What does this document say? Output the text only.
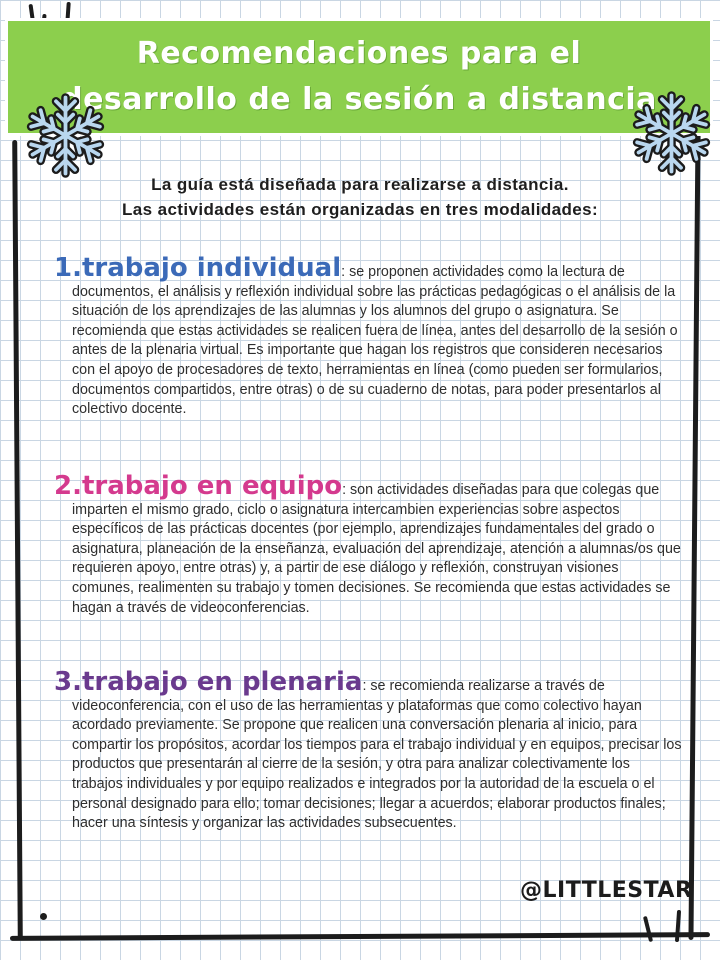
Recomendaciones para el desarrollo de la sesión a distancia
La guía está diseñada para realizarse a distancia.
Las actividades están organizadas en tres modalidades:

1.trabajo individual: se proponen actividades como la lectura de documentos, el análisis y reflexión individual sobre las prácticas pedagógicas o el análisis de la situación de los aprendizajes de las alumnas y los alumnos del grupo o asignatura. Se recomienda que estas actividades se realicen fuera de línea, antes del desarrollo de la sesión o antes de la plenaria virtual. Es importante que hagan los registros que consideren necesarios con el apoyo de procesadores de texto, herramientas en línea (como pueden ser formularios, documentos compartidos, entre otras) o de su cuaderno de notas, para poder presentarlos al colectivo docente.

2.trabajo en equipo: son actividades diseñadas para que colegas que imparten el mismo grado, ciclo o asignatura intercambien experiencias sobre aspectos específicos de las prácticas docentes (por ejemplo, aprendizajes fundamentales del grado o asignatura, planeación de la enseñanza, evaluación del aprendizaje, atención a alumnas/os que requieren apoyo, entre otras) y, a partir de ese diálogo y reflexión, construyan visiones comunes, realimenten su trabajo y tomen decisiones. Se recomienda que estas actividades se hagan a través de videoconferencias.

3.trabajo en plenaria: se recomienda realizarse a través de videoconferencia, con el uso de las herramientas y plataformas que como colectivo hayan acordado previamente. Se propone que realicen una conversación plenaria al inicio, para compartir los propósitos, acordar los tiempos para el trabajo individual y en equipos, precisar los productos que presentarán al cierre de la sesión, y otra para analizar colectivamente los trabajos individuales y por equipo realizados e integrados por la autoridad de la escuela o el personal designado para ello; tomar decisiones; llegar a acuerdos; elaborar productos finales; hacer una síntesis y organizar las actividades subsecuentes.

@LITTLESTAR
